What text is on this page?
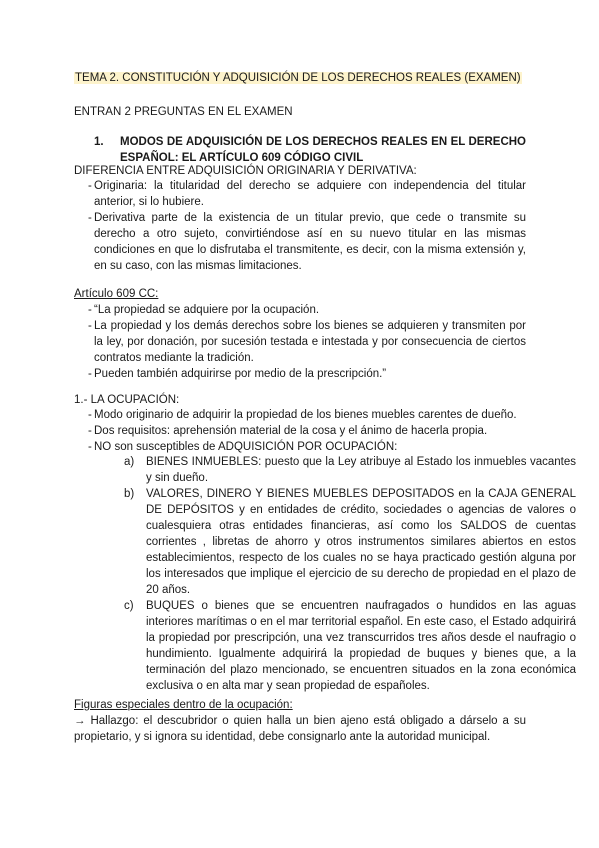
TEMA 2. CONSTITUCIÓN Y ADQUISICIÓN DE LOS DERECHOS REALES (EXAMEN)

ENTRAN 2 PREGUNTAS EN EL EXAMEN

1. MODOS DE ADQUISICIÓN DE LOS DERECHOS REALES EN EL DERECHO ESPAÑOL: EL ARTÍCULO 609 CÓDIGO CIVIL

DIFERENCIA ENTRE ADQUISICIÓN ORIGINARIA Y DERIVATIVA:

- Originaria: la titularidad del derecho se adquiere con independencia del titular anterior, si lo hubiere.
- Derivativa parte de la existencia de un titular previo, que cede o transmite su derecho a otro sujeto, convirtiéndose así en su nuevo titular en las mismas condiciones en que lo disfrutaba el transmitente, es decir, con la misma extensión y, en su caso, con las mismas limitaciones.

Artículo 609 CC:

- “La propiedad se adquiere por la ocupación.
- La propiedad y los demás derechos sobre los bienes se adquieren y transmiten por la ley, por donación, por sucesión testada e intestada y por consecuencia de ciertos contratos mediante la tradición.
- Pueden también adquirirse por medio de la prescripción.”

1.- LA OCUPACIÓN:

- Modo originario de adquirir la propiedad de los bienes muebles carentes de dueño.
- Dos requisitos: aprehensión material de la cosa y el ánimo de hacerla propia.
- NO son susceptibles de ADQUISICIÓN POR OCUPACIÓN:
a) BIENES INMUEBLES: puesto que la Ley atribuye al Estado los inmuebles vacantes y sin dueño.
b) VALORES, DINERO Y BIENES MUEBLES DEPOSITADOS en la CAJA GENERAL DE DEPÓSITOS y en entidades de crédito, sociedades o agencias de valores o cualesquiera otras entidades financieras, así como los SALDOS de cuentas corrientes , libretas de ahorro y otros instrumentos similares abiertos en estos establecimientos, respecto de los cuales no se haya practicado gestión alguna por los interesados que implique el ejercicio de su derecho de propiedad en el plazo de 20 años.
c) BUQUES o bienes que se encuentren naufragados o hundidos en las aguas interiores marítimas o en el mar territorial español. En este caso, el Estado adquirirá la propiedad por prescripción, una vez transcurridos tres años desde el naufragio o hundimiento. Igualmente adquirirá la propiedad de buques y bienes que, a la terminación del plazo mencionado, se encuentren situados en la zona económica exclusiva o en alta mar y sean propiedad de españoles.

Figuras especiales dentro de la ocupación:

→ Hallazgo: el descubridor o quien halla un bien ajeno está obligado a dárselo a su propietario, y si ignora su identidad, debe consignarlo ante la autoridad municipal.
